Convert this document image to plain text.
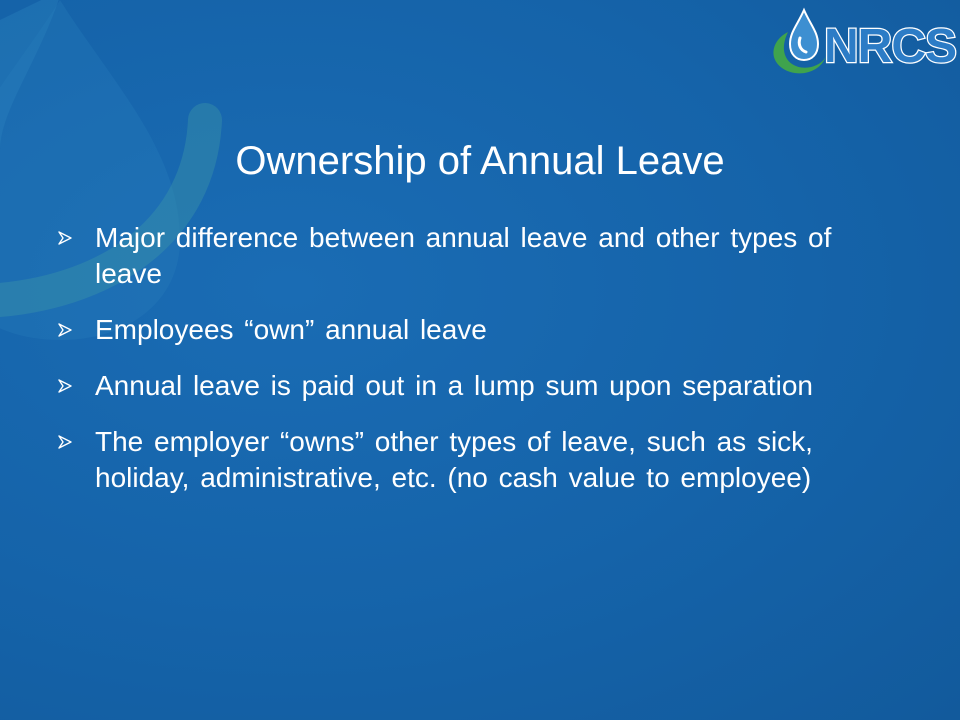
NRCS
Ownership of Annual Leave
Major difference between annual leave and other types of leave
Employees “own” annual leave
Annual leave is paid out in a lump sum upon separation
The employer “owns” other types of leave, such as sick, holiday, administrative, etc. (no cash value to employee)
